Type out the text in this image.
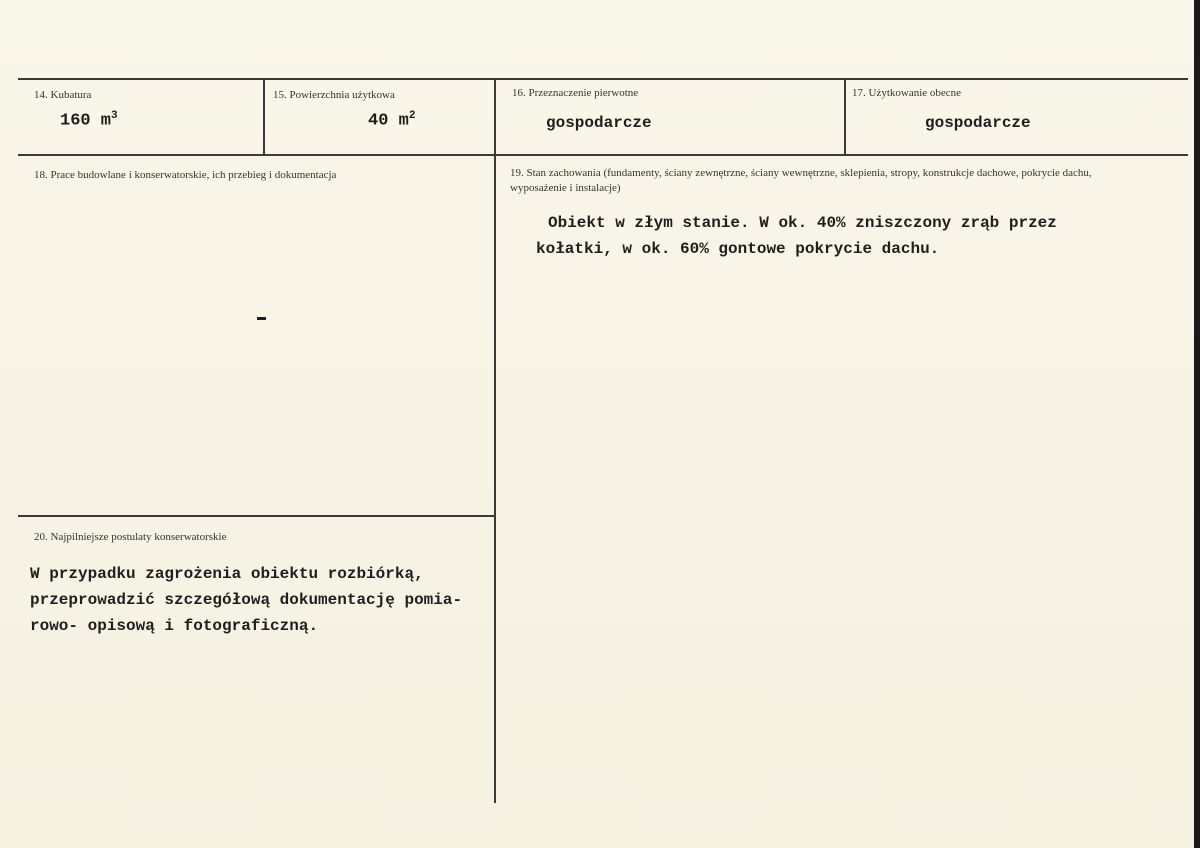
14. Kubatura
160 $m^3$
15. Powierzchnia użytkowa
40 $m^2$
16. Przeznaczenie pierwotne
gospodarcze
17. Użytkowanie obecne
gospodarcze
18. Prace budowlane i konserwatorskie, ich przebieg i dokumentacja	19. Stan zachowania (fundamenty, ściany zewnętrzne, ściany wewnętrzne, sklepienia, stropy, konstrukcje dachowe, pokrycie dachu, wyposażenie i instalacje)
Obiekt w złym stanie. W ok. 40% zniszczony zrąb przez
kołatki, w ok. 60% gontowe pokrycie dachu.
20. Najpilniejsze postulaty konserwatorskie
W przypadku zagrożenia obiektu rozbiórką,
przeprowadzić szczegółową dokumentację pomia-
rowo- opisową i fotograficzną.
